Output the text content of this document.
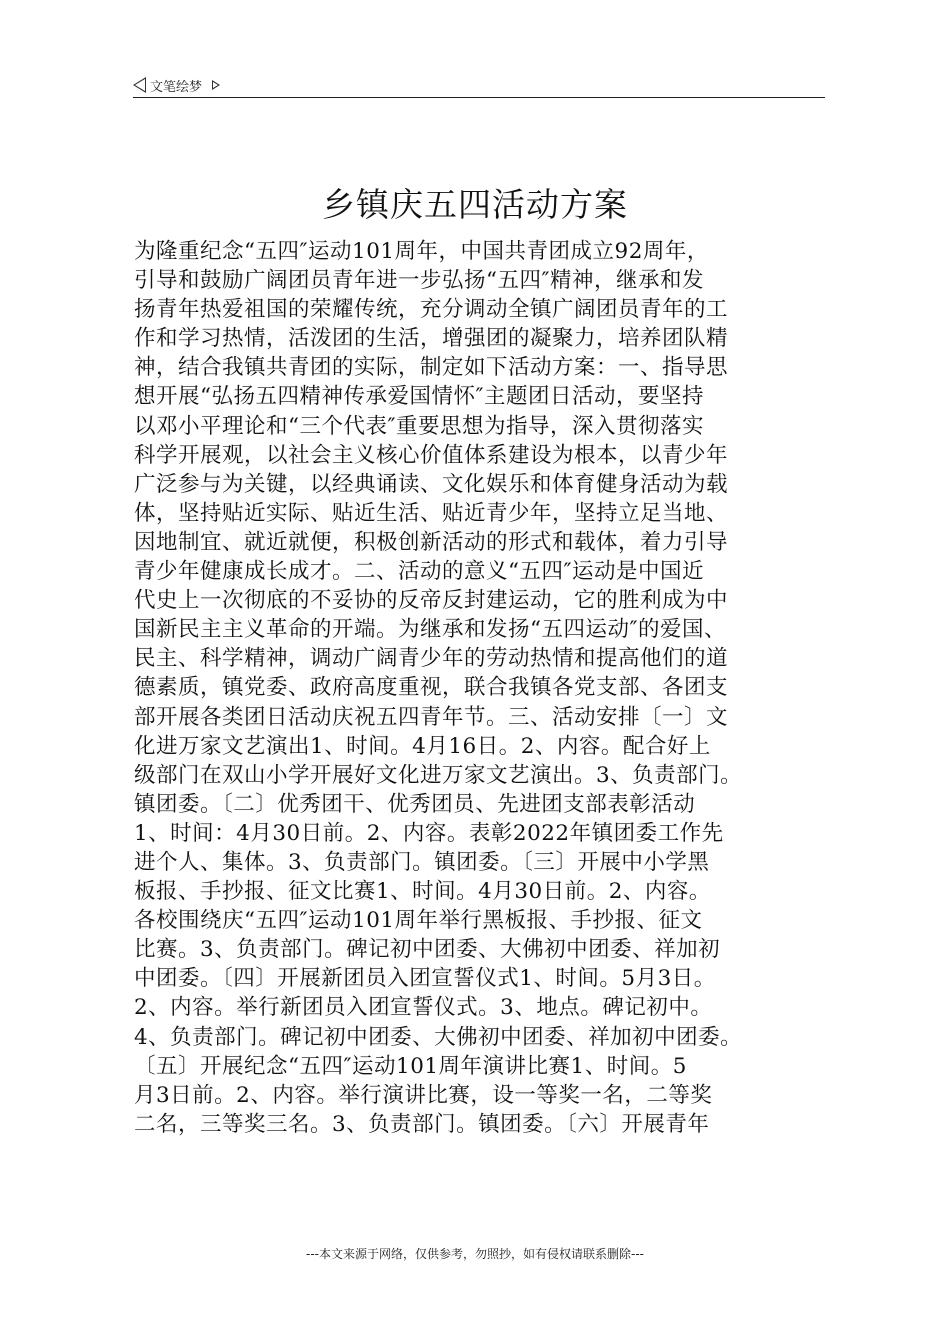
文笔绘梦
乡镇庆五四活动方案
为隆重纪念“五四″运动101周年，中国共青团成立92周年，
引导和鼓励广阔团员青年进一步弘扬“五四″精神，继承和发
扬青年热爱祖国的荣耀传统，充分调动全镇广阔团员青年的工
作和学习热情，活泼团的生活，增强团的凝聚力，培养团队精
神，结合我镇共青团的实际，制定如下活动方案：一、指导思
想开展“弘扬五四精神传承爱国情怀″主题团日活动，要坚持
以邓小平理论和“三个代表″重要思想为指导，深入贯彻落实
科学开展观，以社会主义核心价值体系建设为根本，以青少年
广泛参与为关键，以经典诵读、文化娱乐和体育健身活动为载
体，坚持贴近实际、贴近生活、贴近青少年，坚持立足当地、
因地制宜、就近就便，积极创新活动的形式和载体，着力引导
青少年健康成长成才。二、活动的意义“五四″运动是中国近
代史上一次彻底的不妥协的反帝反封建运动，它的胜利成为中
国新民主主义革命的开端。为继承和发扬“五四运动″的爱国、
民主、科学精神，调动广阔青少年的劳动热情和提高他们的道
德素质，镇党委、政府高度重视，联合我镇各党支部、各团支
部开展各类团日活动庆祝五四青年节。三、活动安排〔一〕文
化进万家文艺演出1、时间。4月16日。2、内容。配合好上
级部门在双山小学开展好文化进万家文艺演出。3、负责部门。
镇团委。〔二〕优秀团干、优秀团员、先进团支部表彰活动
1、时间：4月30日前。2、内容。表彰2022年镇团委工作先
进个人、集体。3、负责部门。镇团委。〔三〕开展中小学黑
板报、手抄报、征文比赛1、时间。4月30日前。2、内容。
各校围绕庆“五四″运动101周年举行黑板报、手抄报、征文
比赛。3、负责部门。碑记初中团委、大佛初中团委、祥加初
中团委。〔四〕开展新团员入团宣誓仪式1、时间。5月3日。
2、内容。举行新团员入团宣誓仪式。3、地点。碑记初中。
4、负责部门。碑记初中团委、大佛初中团委、祥加初中团委。
〔五〕开展纪念“五四″运动101周年演讲比赛1、时间。5
月3日前。2、内容。举行演讲比赛，设一等奖一名，二等奖
二名，三等奖三名。3、负责部门。镇团委。〔六〕开展青年
---本文来源于网络，仅供参考，勿照抄，如有侵权请联系删除---
